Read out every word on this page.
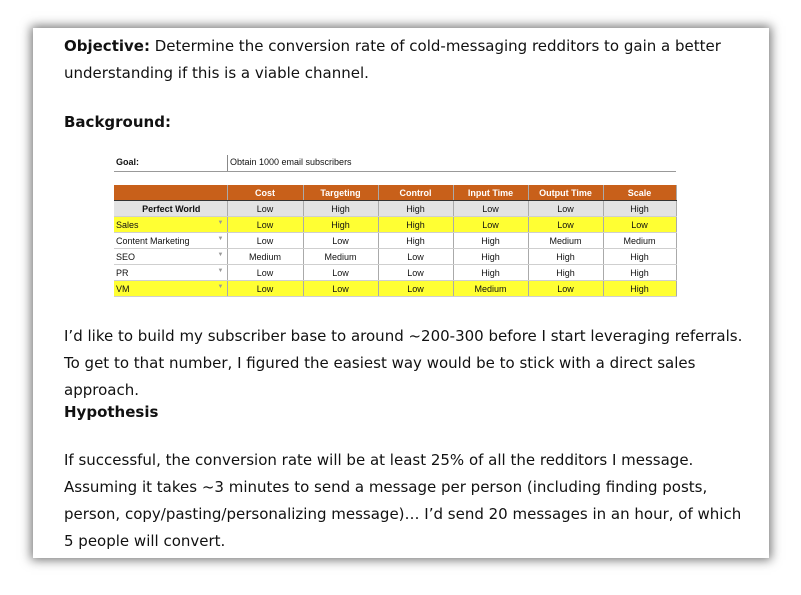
Objective: Determine the conversion rate of cold-messaging redditors to gain a better understanding if this is a viable channel.

Background:
Goal:	Obtain 1000 email subscribers
	Cost	Targeting	Control	Input Time	Output Time	Scale
Perfect World	Low	High	High	Low	Low	High
Sales ▼	Low	High	High	Low	Low	Low
Content Marketing ▼	Low	Low	High	High	Medium	Medium
SEO ▼	Medium	Medium	Low	High	High	High
PR ▼	Low	Low	Low	High	High	High
VM ▼	Low	Low	Low	Medium	Low	High

I’d like to build my subscriber base to around ~200-300 before I start leveraging referrals. To get to that number, I figured the easiest way would be to stick with a direct sales approach.

Hypothesis

If successful, the conversion rate will be at least 25% of all the redditors I message. Assuming it takes ~3 minutes to send a message per person (including finding posts, person, copy/pasting/personalizing message)… I’d send 20 messages in an hour, of which 5 people will convert.
